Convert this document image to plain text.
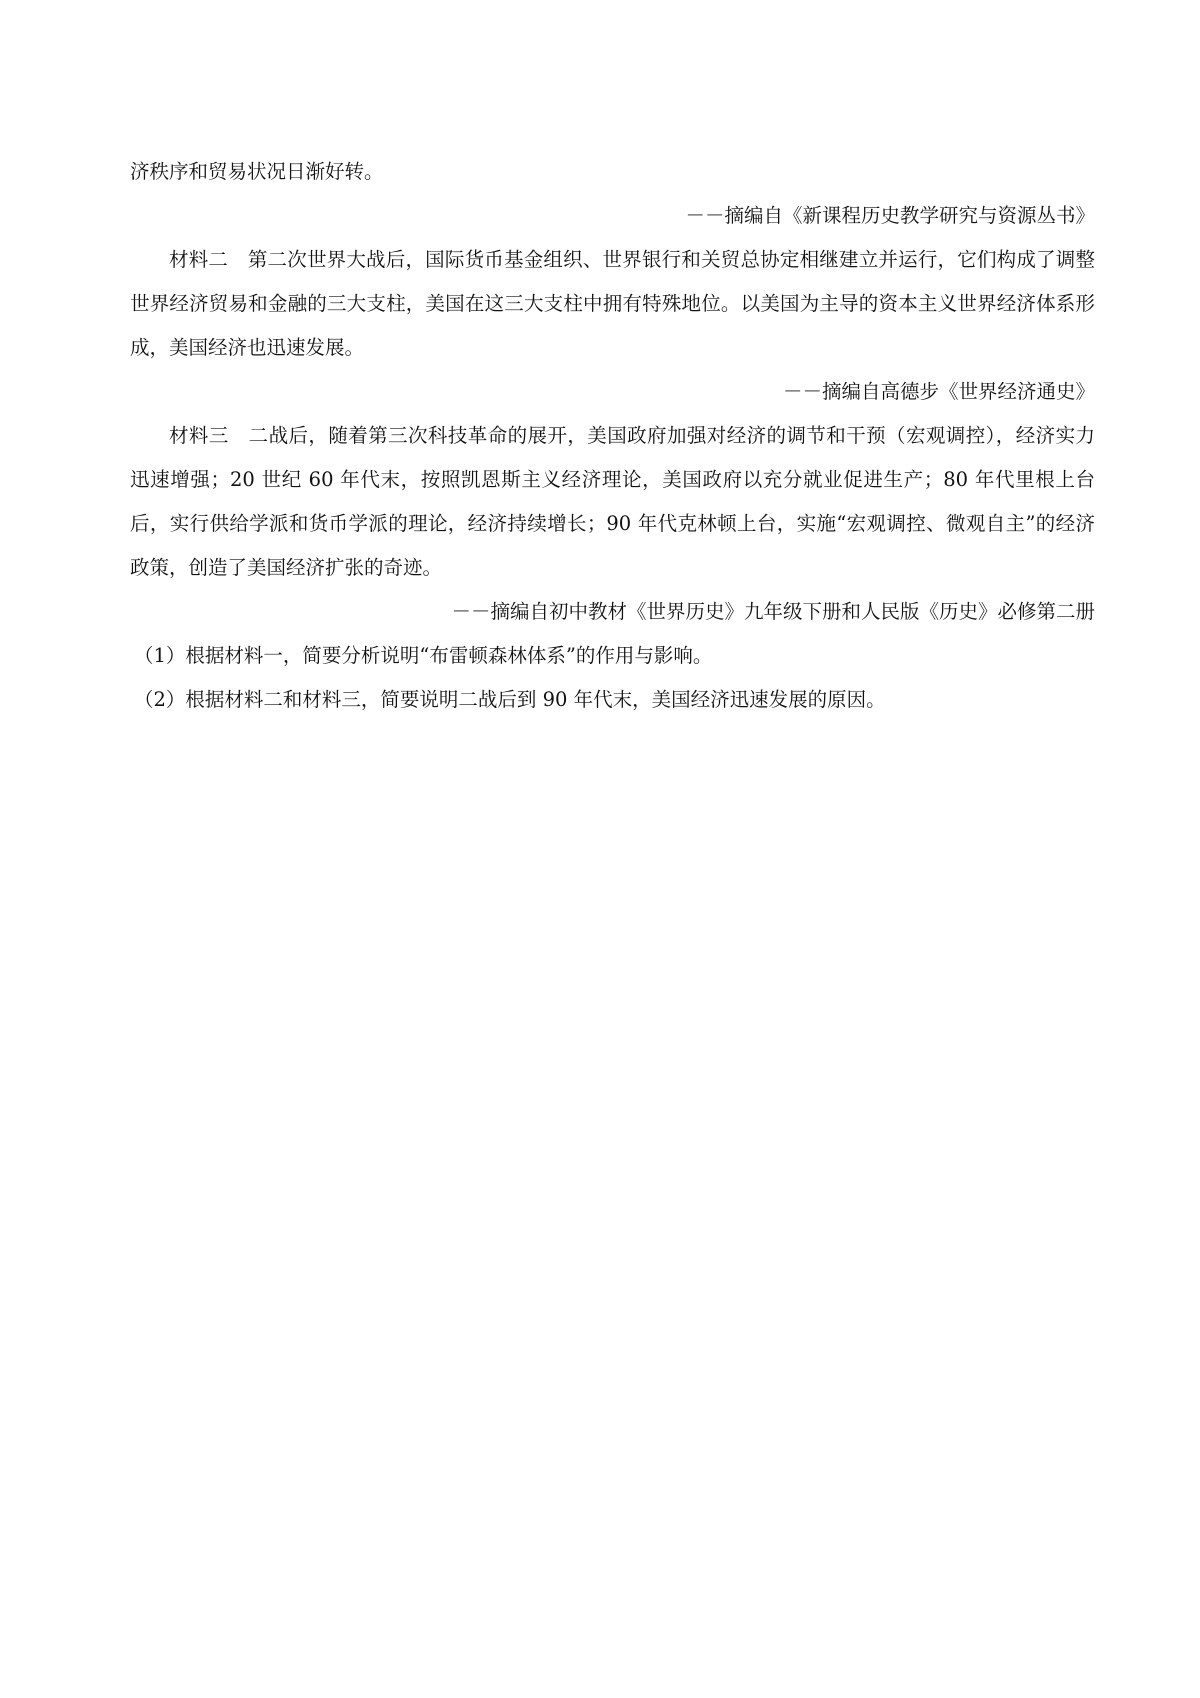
济秩序和贸易状况日渐好转。
－－摘编自《新课程历史教学研究与资源丛书》
材料二　第二次世界大战后，国际货币基金组织、世界银行和关贸总协定相继建立并运行，它们构成了调整世界经济贸易和金融的三大支柱，美国在这三大支柱中拥有特殊地位。以美国为主导的资本主义世界经济体系形成，美国经济也迅速发展。
－－摘编自高德步《世界经济通史》
材料三　二战后，随着第三次科技革命的展开，美国政府加强对经济的调节和干预（宏观调控），经济实力迅速增强；20 世纪 60 年代末，按照凯恩斯主义经济理论，美国政府以充分就业促进生产；80 年代里根上台后，实行供给学派和货币学派的理论，经济持续增长；90 年代克林顿上台，实施“宏观调控、微观自主”的经济政策，创造了美国经济扩张的奇迹。
－－摘编自初中教材《世界历史》九年级下册和人民版《历史》必修第二册
（1）根据材料一，简要分析说明“布雷顿森林体系”的作用与影响。
（2）根据材料二和材料三，简要说明二战后到 90 年代末，美国经济迅速发展的原因。
